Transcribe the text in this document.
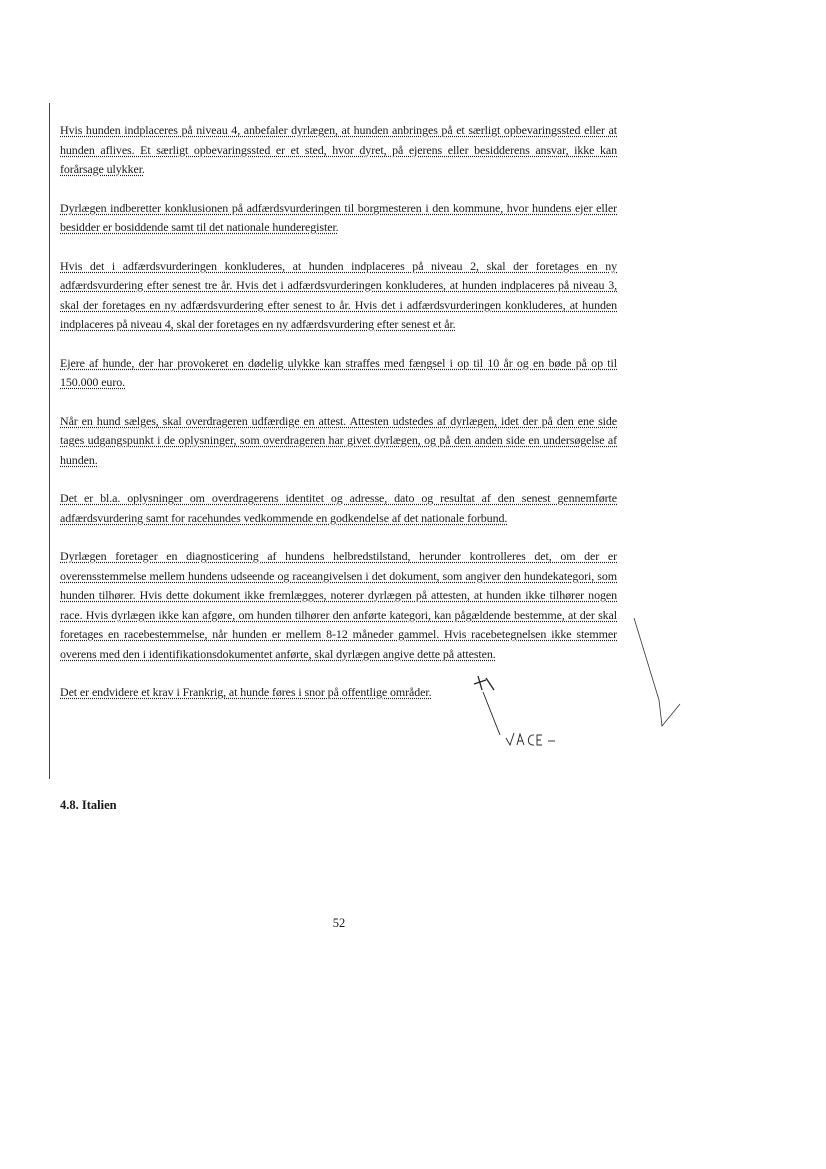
Hvis hunden indplaceres på niveau 4, anbefaler dyrlægen, at hunden anbringes på et særligt opbevaringssted eller at hunden aflives. Et særligt opbevaringssted er et sted, hvor dyret, på ejerens eller besidderens ansvar, ikke kan forårsage ulykker.

Dyrlægen indberetter konklusionen på adfærdsvurderingen til borgmesteren i den kommune, hvor hundens ejer eller besidder er bosiddende samt til det nationale hunderegister.

Hvis det i adfærdsvurderingen konkluderes, at hunden indplaceres på niveau 2, skal der foretages en ny adfærdsvurdering efter senest tre år. Hvis det i adfærdsvurderingen konkluderes, at hunden indplaceres på niveau 3, skal der foretages en ny adfærdsvurdering efter senest to år. Hvis det i adfærdsvurderingen konkluderes, at hunden indplaceres på niveau 4, skal der foretages en ny adfærdsvurdering efter senest et år.

Ejere af hunde, der har provokeret en dødelig ulykke kan straffes med fængsel i op til 10 år og en bøde på op til 150.000 euro.

Når en hund sælges, skal overdrageren udfærdige en attest. Attesten udstedes af dyrlægen, idet der på den ene side tages udgangspunkt i de oplysninger, som overdrageren har givet dyrlægen, og på den anden side en undersøgelse af hunden.

Det er bl.a. oplysninger om overdragerens identitet og adresse, dato og resultat af den senest gennemførte adfærdsvurdering samt for racehundes vedkommende en godkendelse af det nationale forbund.

Dyrlægen foretager en diagnosticering af hundens helbredstilstand, herunder kontrolleres det, om der er overensstemmelse mellem hundens udseende og raceangivelsen i det dokument, som angiver den hundekategori, som hunden tilhører. Hvis dette dokument ikke fremlægges, noterer dyrlægen på attesten, at hunden ikke tilhører nogen race. Hvis dyrlægen ikke kan afgøre, om hunden tilhører den anførte kategori, kan pågældende bestemme, at der skal foretages en racebestemmelse, når hunden er mellem 8-12 måneder gammel. Hvis racebetegnelsen ikke stemmer overens med den i identifikationsdokumentet anførte, skal dyrlægen angive dette på attesten.

Det er endvidere et krav i Frankrig, at hunde føres i snor på offentlige områder.

4.8. Italien
52
